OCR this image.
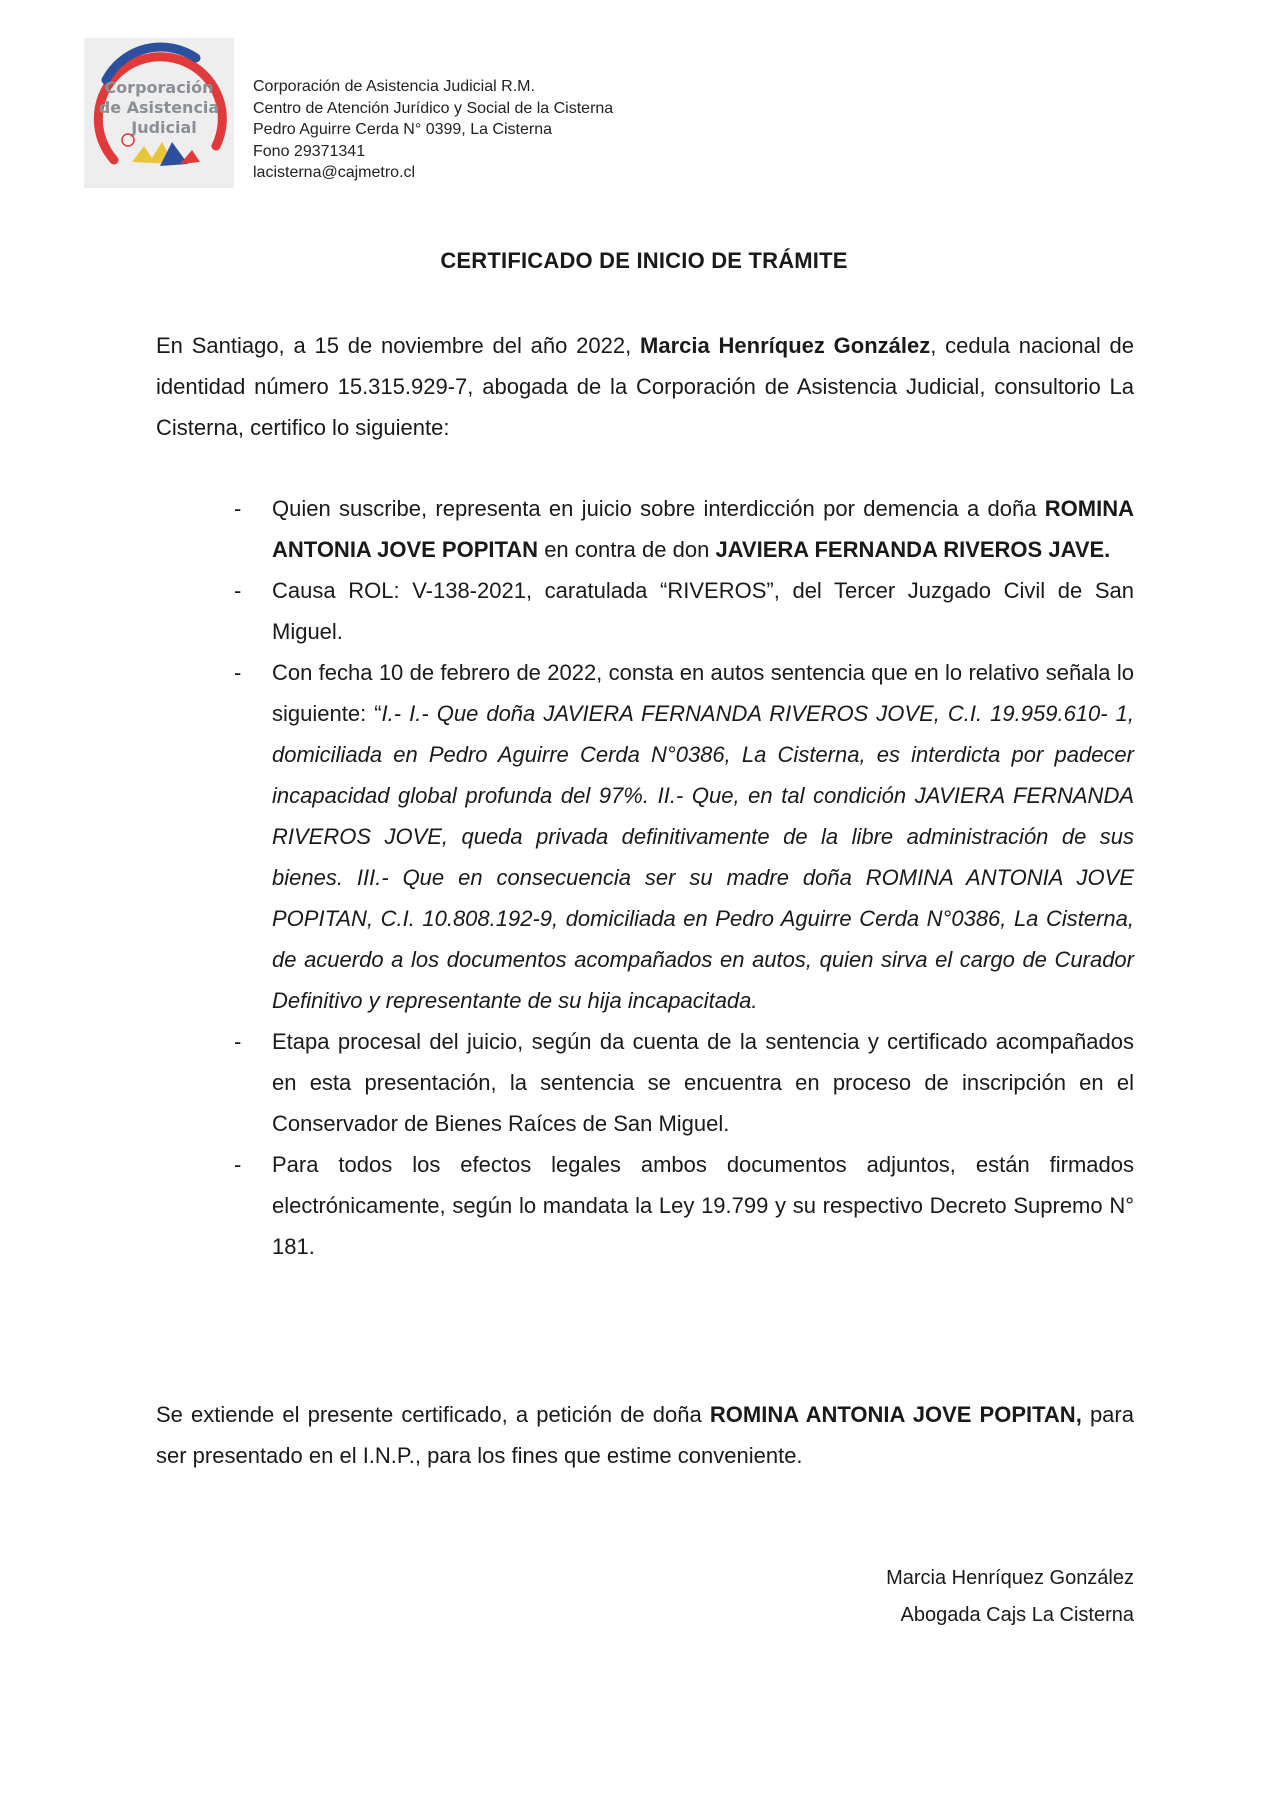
Corporación
de Asistencia
Judicial
Corporación de Asistencia Judicial R.M.
Centro de Atención Jurídico y Social de la Cisterna
Pedro Aguirre Cerda N° 0399, La Cisterna
Fono 29371341
lacisterna@cajmetro.cl
CERTIFICADO DE INICIO DE TRÁMITE

En Santiago, a 15 de noviembre del año 2022, Marcia Henríquez González, cedula nacional de identidad número 15.315.929-7, abogada de la Corporación de Asistencia Judicial, consultorio La Cisterna, certifico lo siguiente:

- Quien suscribe, representa en juicio sobre interdicción por demencia a doña ROMINA ANTONIA JOVE POPITAN en contra de don JAVIERA FERNANDA RIVEROS JAVE.
- Causa ROL: V-138-2021, caratulada “RIVEROS”, del Tercer Juzgado Civil de San Miguel.
- Con fecha 10 de febrero de 2022, consta en autos sentencia que en lo relativo señala lo siguiente: “I.- I.- Que doña JAVIERA FERNANDA RIVEROS JOVE, C.I. 19.959.610- 1, domiciliada en Pedro Aguirre Cerda N°0386, La Cisterna, es interdicta por padecer incapacidad global profunda del 97%. II.- Que, en tal condición JAVIERA FERNANDA RIVEROS JOVE, queda privada definitivamente de la libre administración de sus bienes. III.- Que en consecuencia ser su madre doña ROMINA ANTONIA JOVE POPITAN, C.I. 10.808.192-9, domiciliada en Pedro Aguirre Cerda N°0386, La Cisterna, de acuerdo a los documentos acompañados en autos, quien sirva el cargo de Curador Definitivo y representante de su hija incapacitada.
- Etapa procesal del juicio, según da cuenta de la sentencia y certificado acompañados en esta presentación, la sentencia se encuentra en proceso de inscripción en el Conservador de Bienes Raíces de San Miguel.
- Para todos los efectos legales ambos documentos adjuntos, están firmados electrónicamente, según lo mandata la Ley 19.799 y su respectivo Decreto Supremo N° 181.

Se extiende el presente certificado, a petición de doña ROMINA ANTONIA JOVE POPITAN, para ser presentado en el I.N.P., para los fines que estime conveniente.

Marcia Henríquez González
Abogada Cajs La Cisterna
